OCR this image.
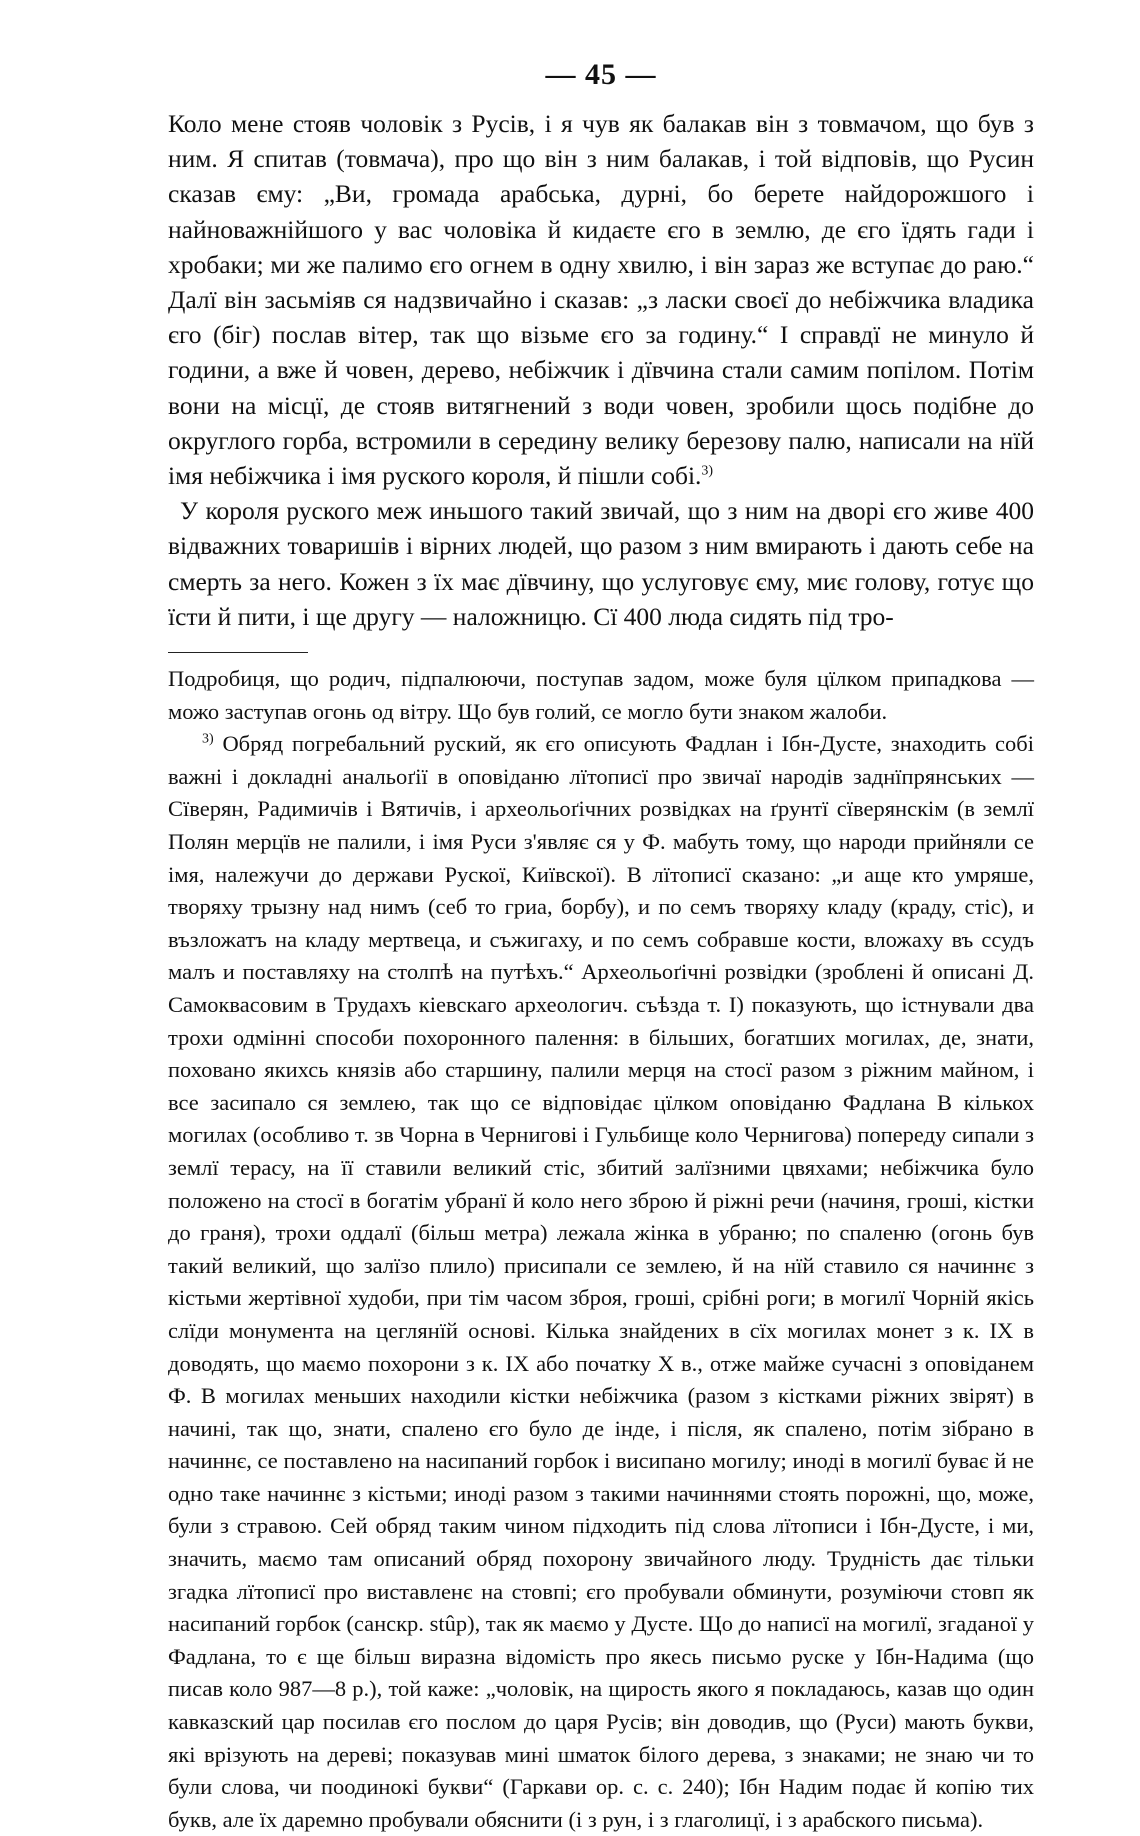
— 45 —

Коло мене стояв чоловік з Русів, і я чув як балакав він з товмачом, що був з ним. Я спитав (товмача), про що він з ним балакав, і той відповів, що Русин сказав єму: „Ви, громада арабська, дурні, бо берете найдорожшого і найноважнійшого у вас чоловіка й кидаєте єго в землю, де єго їдять гади і хробаки; ми же палимо єго огнем в одну хвилю, і він зараз же вступає до раю.“ Далї він засьміяв ся надзвичайно і сказав: „з ласки своєї до небіжчика владика єго (біг) послав вітер, так що візьме єго за годину.“ І справдї не минуло й години, а вже й човен, дерево, небіжчик і дївчина стали самим попілом. Потім вони на місцї, де стояв витягнений з води човен, зробили щось подібне до округлого горба, встромили в середину велику березову палю, написали на нїй імя небіжчика і імя руского короля, й пішли собі.$^{3)}$

У короля руского меж иньшого такий звичай, що з ним на дворі єго живе 400 відважних товаришів і вірних людей, що разом з ним вмирають і дають себе на смерть за него. Кожен з їх має дївчину, що услуговує єму, миє голову, готує що їсти й пити, і ще другу — наложницю. Сї 400 люда сидять під тро-

Подробиця, що родич, підпалюючи, поступав задом, може буля цїлком припадкова — можо заступав огонь од вітру. Що був голий, се могло бути знаком жалоби.

$^{3)}$ Обряд погребальний руский, як єго описують Фадлан і Ібн-Дусте, знаходить собі важні і докладні анальоґії в оповіданю лїтописї про звичаї народів заднїпрянських — Сїверян, Радимичів і Вятичів, і археольоґічних розвідках на ґрунтї сїверянскім (в землї Полян мерцїв не палили, і імя Руси з'являє ся у Ф. мабуть тому, що народи прийняли се імя, належучи до держави Рускої, Київскої). В лїтописї сказано: „и аще кто умряше, творяху трызну над нимъ (себ то гриа, борбу), и по семъ творяху кладу (краду, стіс), и възложатъ на кладу мертвеца, и съжигаху, и по семъ собравше кости, вложаху въ ссудъ малъ и поставляху на столпѣ на путѣхъ.“ Археольоґічні розвідки (зроблені й описані Д. Самоквасовим в Трудахъ кіевскаго археологич. съѣзда т. І) показують, що істнували два трохи одмінні способи похоронного палення: в більших, богатших могилах, де, знати, поховано якихсь князів або старшину, палили мерця на стосї разом з ріжним майном, і все засипало ся землею, так що се відповідає цїлком оповіданю Фадлана В кількох могилах (особливо т. зв Чорна в Чернигові і Гульбище коло Чернигова) попереду сипали з землї терасу, на її ставили великий стіс, збитий залїзними цвяхами; небіжчика було положено на стосї в богатім убранї й коло него зброю й ріжні речи (начиня, гроші, кістки до граня), трохи оддалї (більш метра) лежала жінка в убраню; по спаленю (огонь був такий великий, що залїзо плило) присипали се землею, й на нїй ставило ся начиннє з кістьми жертівної худоби, при тім часом зброя, гроші, срібні роги; в могилї Чорній якісь слїди монумента на цеглянїй основі. Кілька знайдених в сїх могилах монет з к. IX в доводять, що маємо похорони з к. IX або початку X в., отже майже сучасні з оповіданем Ф. В могилах меньших находили кістки небіжчика (разом з кістками ріжних звірят) в начині, так що, знати, спалено єго було де інде, і після, як спалено, потім зібрано в начиннє, се поставлено на насипаний горбок і висипано могилу; иноді в могилї буває й не одно таке начиннє з кістьми; иноді разом з такими начиннями стоять порожні, що, може, були з стравою. Сей обряд таким чином підходить під слова лїтописи і Ібн-Дусте, і ми, значить, маємо там описаний обряд похорону звичайного люду. Трудність дає тільки згадка лїтописї про виставленє на стовпі; єго пробували обминути, розуміючи стовп як насипаний горбок (санскр. stûp), так як маємо у Дусте. Що до написї на могилї, згаданої у Фадлана, то є ще більш виразна відомість про якесь письмо руске у Ібн-Надима (що писав коло 987—8 р.), той каже: „чоловік, на щирость якого я покладаюсь, казав що один кавказский цар посилав єго послом до царя Русів; він доводив, що (Руси) мають букви, які врізують на дереві; показував мині шматок білого дерева, з знаками; не знаю чи то були слова, чи поодинокі букви“ (Гаркави ор. с. с. 240); Ібн Надим подає й копію тих букв, але їх даремно пробували обяснити (і з рун, і з глаголицї, і з арабского письма).
